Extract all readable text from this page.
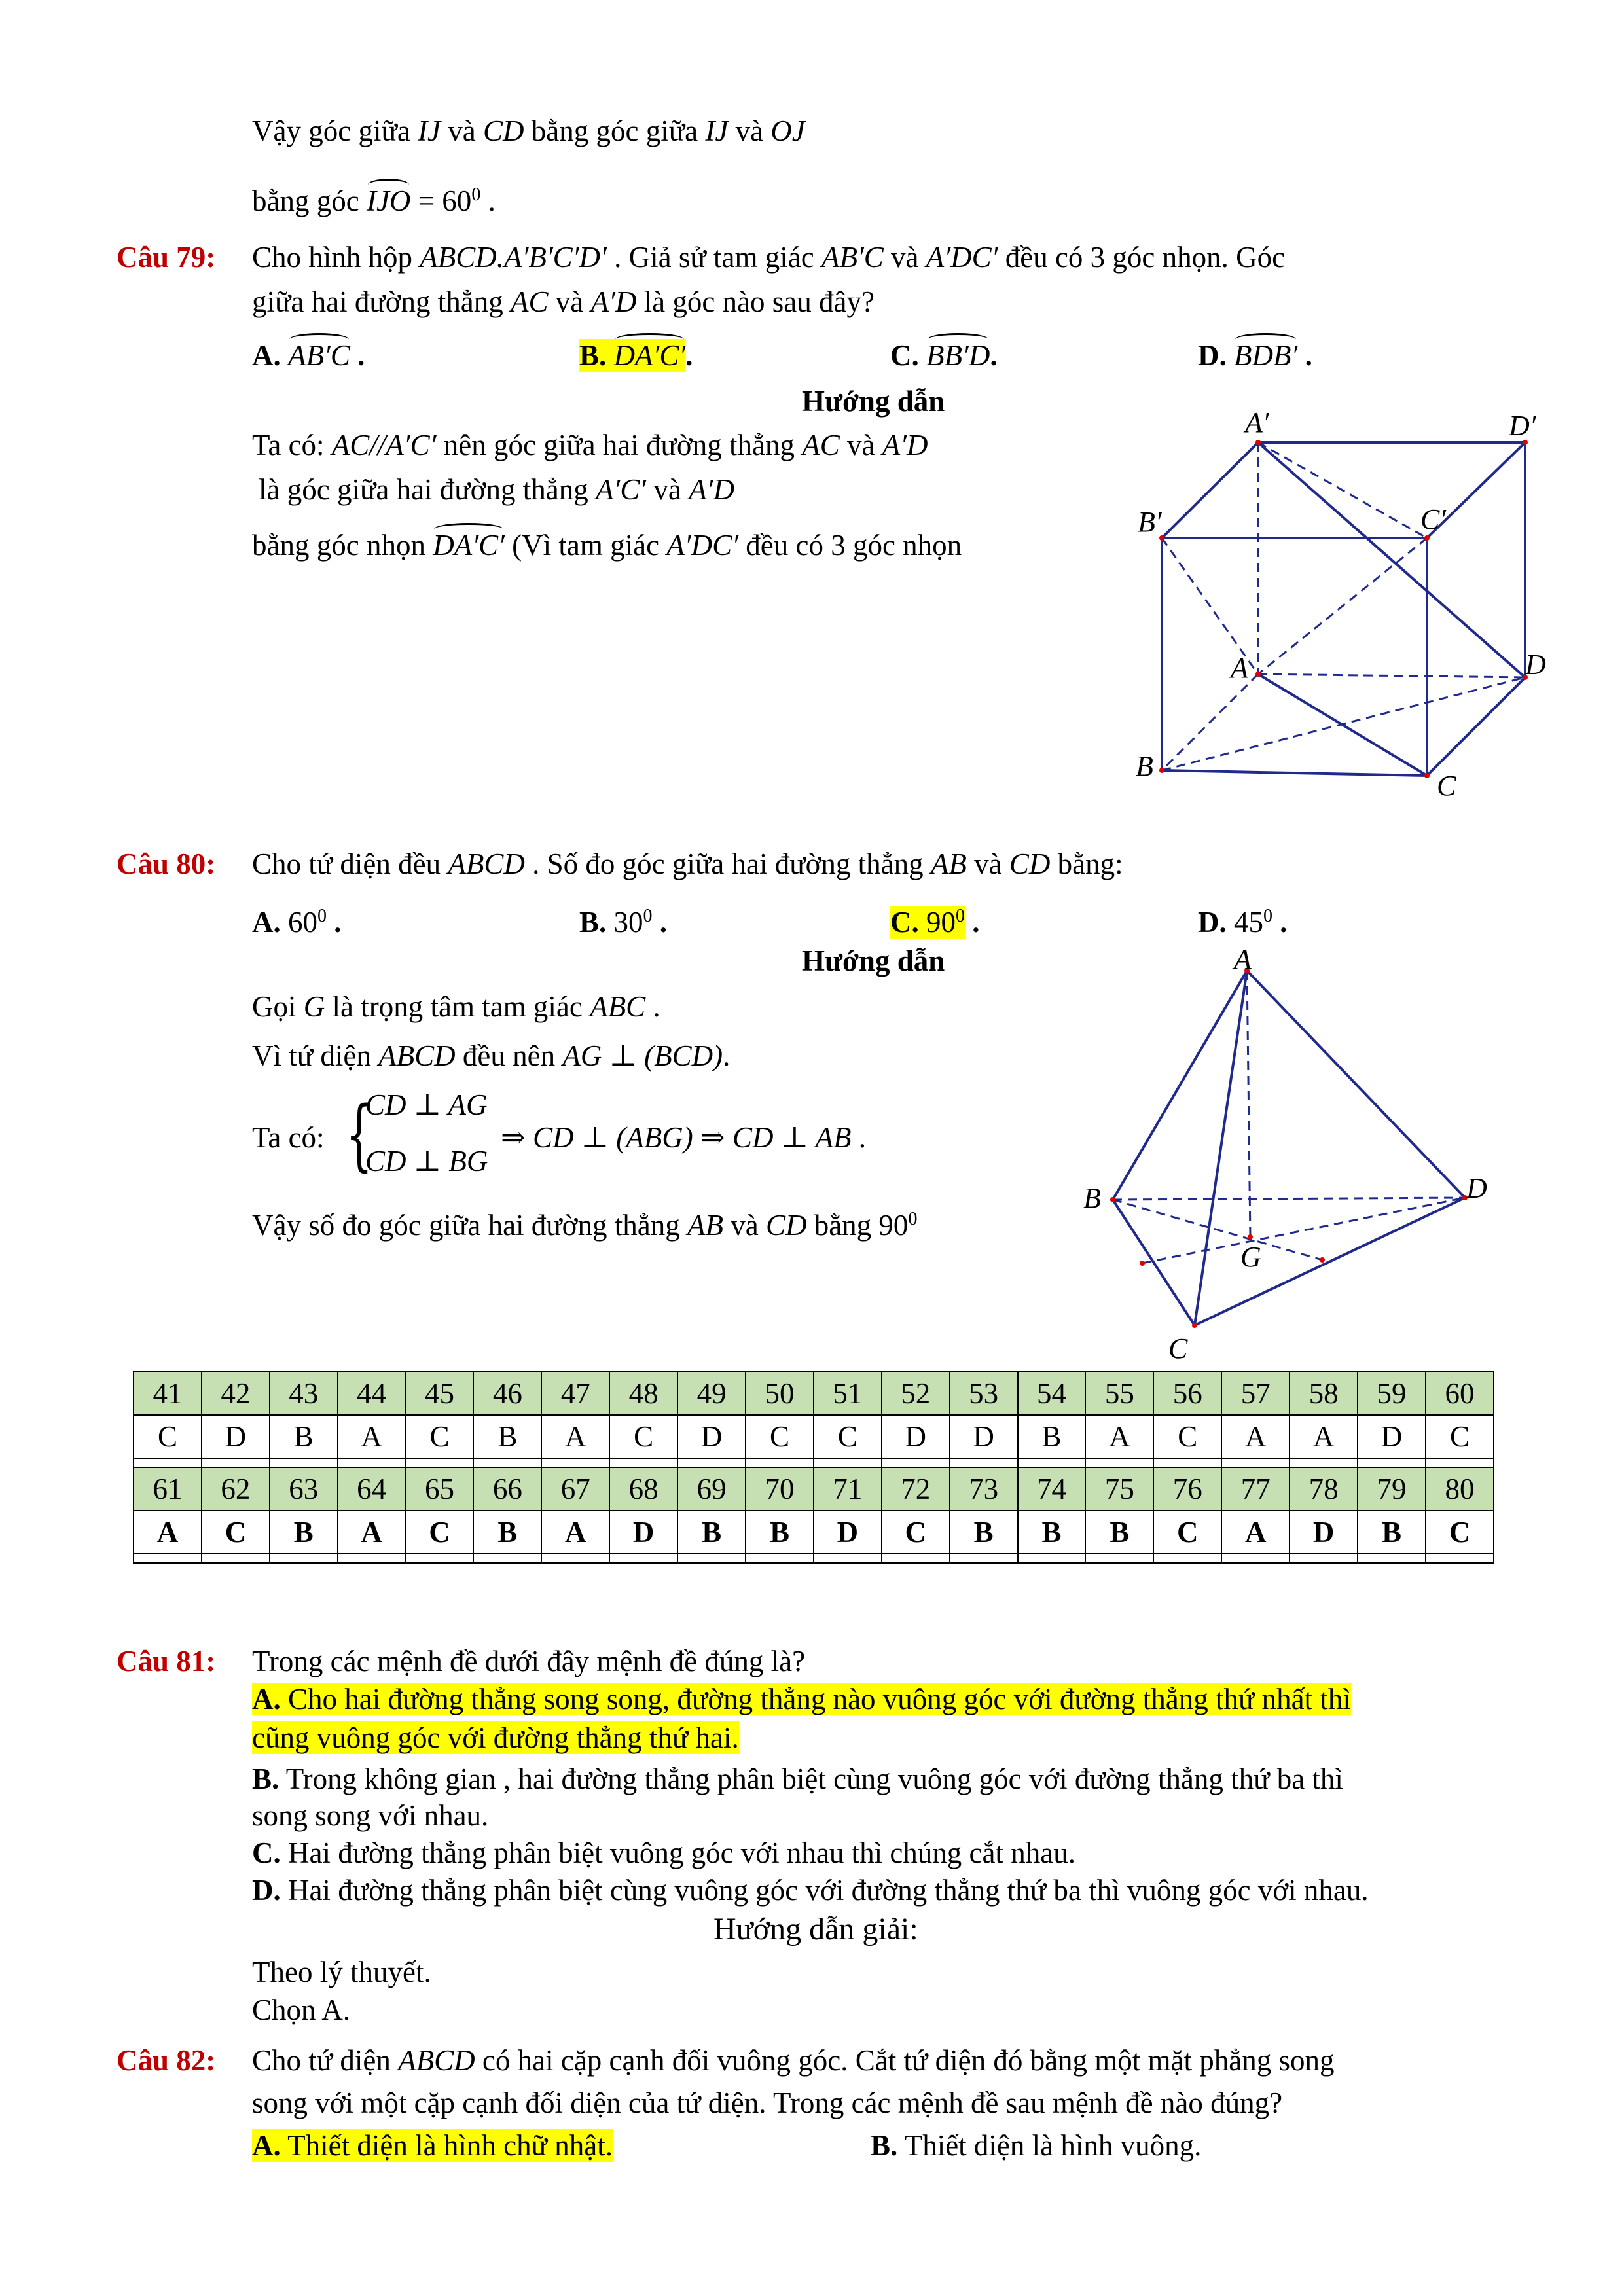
Vậy góc giữa IJ và CD bằng góc giữa IJ và OJ
bằng góc IJO = $60^0$ .
Câu 79: Cho hình hộp ABCD.A′B′C′D′ . Giả sử tam giác AB′C và A′DC′ đều có 3 góc nhọn. Góc
giữa hai đường thẳng AC và A′D là góc nào sau đây?
A. AB′C .	B. DA′C′.	C. BB′D.	D. BDB′ .
Hướng dẫn
Ta có: AC//A′C′ nên góc giữa hai đường thẳng AC và A′D
là góc giữa hai đường thẳng A′C′ và A′D
bằng góc nhọn DA′C′ (Vì tam giác A′DC′ đều có 3 góc nhọn
A′	D′
B′	C′
A	D
B
C
Câu 80: Cho tứ diện đều ABCD . Số đo góc giữa hai đường thẳng AB và CD bằng:
A. $60^0$ .	B. $30^0$ .	C. $90^0$ .	D. $45^0$ .
Hướng dẫn
Gọi G là trọng tâm tam giác ABC .
Vì tứ diện ABCD đều nên AG ⊥ (BCD).
Ta có: {
CD ⊥ AG
CD ⊥ BG
⇒ CD ⊥ (ABG) ⇒ CD ⊥ AB .
Vậy số đo góc giữa hai đường thẳng AB và CD bằng $90^0$
A
B	D
C
G
41	42	43	44	45	46	47	48	49	50	51	52	53	54	55	56	57	58	59	60
C	D	B	A	C	B	A	C	D	C	C	D	D	B	A	C	A	A	D	C

61	62	63	64	65	66	67	68	69	70	71	72	73	74	75	76	77	78	79	80
A	C	B	A	C	B	A	D	B	B	D	C	B	B	B	C	A	D	B	C

Câu 81: Trong các mệnh đề dưới đây mệnh đề đúng là?
A. Cho hai đường thẳng song song, đường thẳng nào vuông góc với đường thẳng thứ nhất thì
cũng vuông góc với đường thẳng thứ hai.
B. Trong không gian , hai đường thẳng phân biệt cùng vuông góc với đường thẳng thứ ba thì
song song với nhau.
C. Hai đường thẳng phân biệt vuông góc với nhau thì chúng cắt nhau.
D. Hai đường thẳng phân biệt cùng vuông góc với đường thẳng thứ ba thì vuông góc với nhau.
Hướng dẫn giải:
Theo lý thuyết.
Chọn A.
Câu 82: Cho tứ diện ABCD có hai cặp cạnh đối vuông góc. Cắt tứ diện đó bằng một mặt phẳng song
song với một cặp cạnh đối diện của tứ diện. Trong các mệnh đề sau mệnh đề nào đúng?
A. Thiết diện là hình chữ nhật.	B. Thiết diện là hình vuông.
